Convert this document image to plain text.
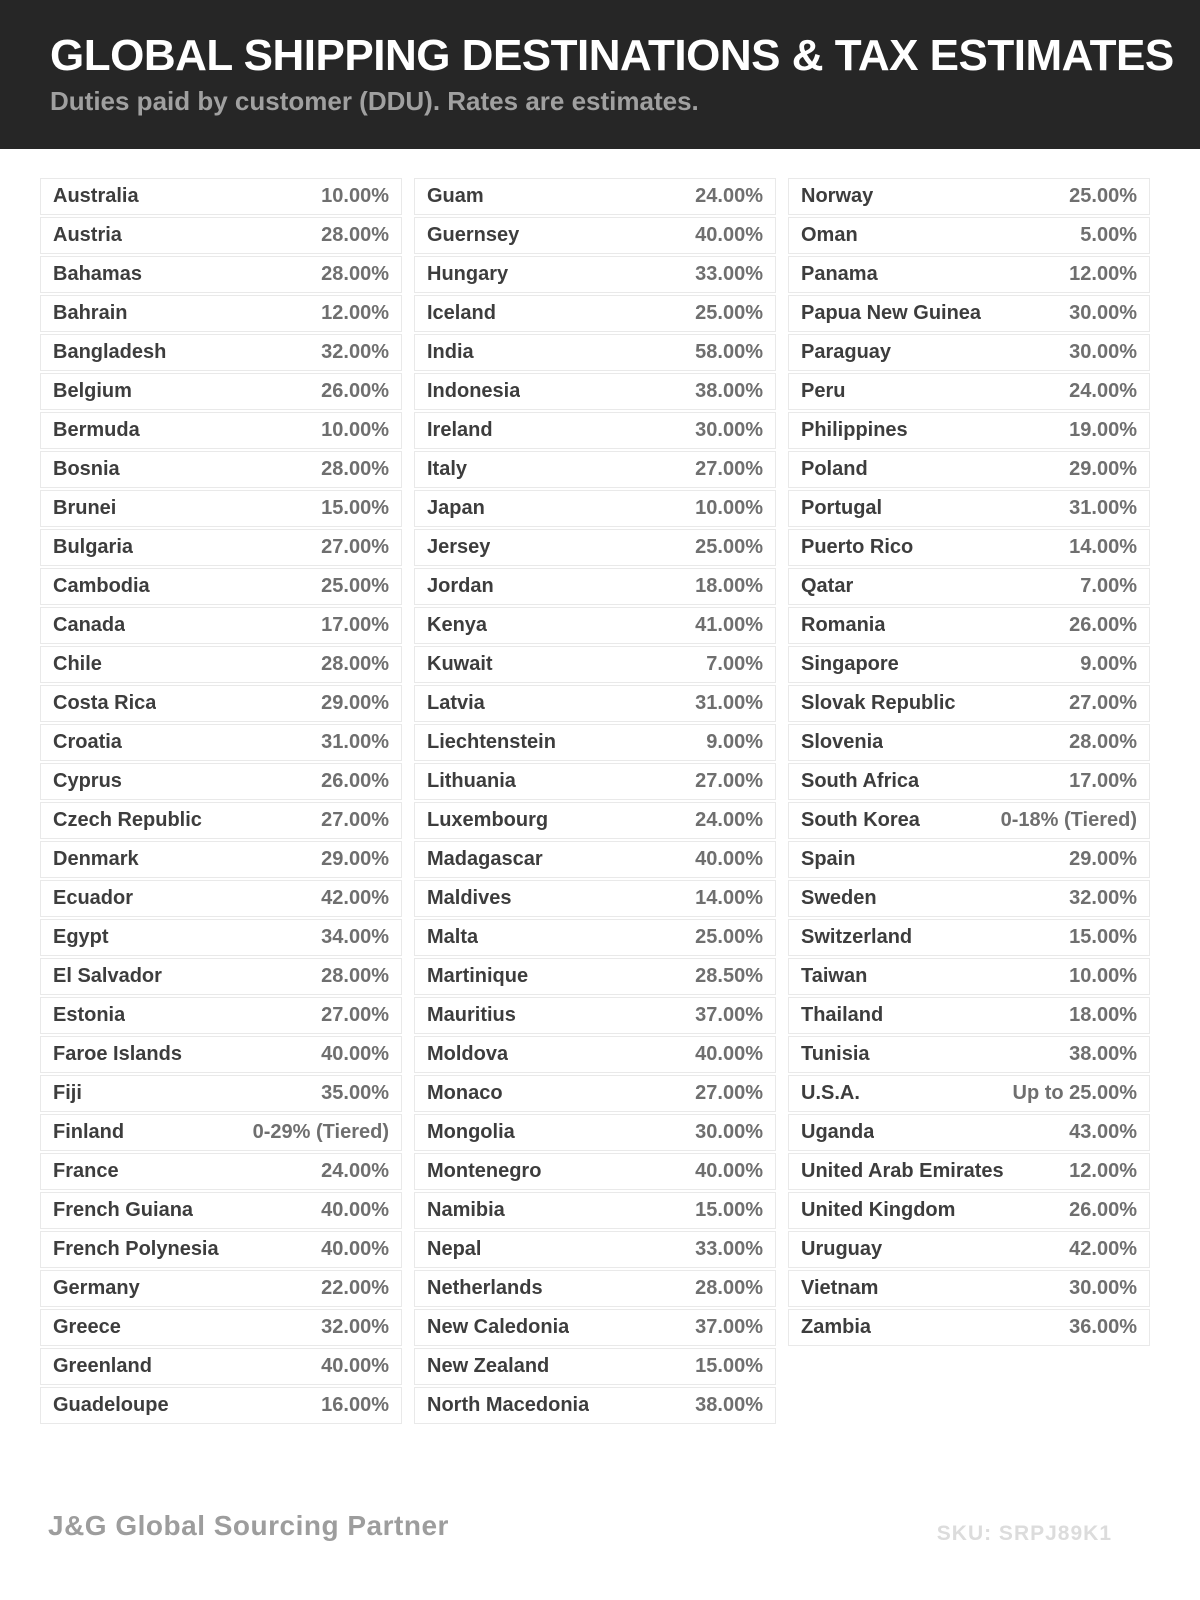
GLOBAL SHIPPING DESTINATIONS & TAX ESTIMATES

Duties paid by customer (DDU). Rates are estimates.

Australia	10.00%
Austria	28.00%
Bahamas	28.00%
Bahrain	12.00%
Bangladesh	32.00%
Belgium	26.00%
Bermuda	10.00%
Bosnia	28.00%
Brunei	15.00%
Bulgaria	27.00%
Cambodia	25.00%
Canada	17.00%
Chile	28.00%
Costa Rica	29.00%
Croatia	31.00%
Cyprus	26.00%
Czech Republic	27.00%
Denmark	29.00%
Ecuador	42.00%
Egypt	34.00%
El Salvador	28.00%
Estonia	27.00%
Faroe Islands	40.00%
Fiji	35.00%
Finland	0-29% (Tiered)
France	24.00%
French Guiana	40.00%
French Polynesia	40.00%
Germany	22.00%
Greece	32.00%
Greenland	40.00%
Guadeloupe	16.00%
Guam	24.00%
Guernsey	40.00%
Hungary	33.00%
Iceland	25.00%
India	58.00%
Indonesia	38.00%
Ireland	30.00%
Italy	27.00%
Japan	10.00%
Jersey	25.00%
Jordan	18.00%
Kenya	41.00%
Kuwait	7.00%
Latvia	31.00%
Liechtenstein	9.00%
Lithuania	27.00%
Luxembourg	24.00%
Madagascar	40.00%
Maldives	14.00%
Malta	25.00%
Martinique	28.50%
Mauritius	37.00%
Moldova	40.00%
Monaco	27.00%
Mongolia	30.00%
Montenegro	40.00%
Namibia	15.00%
Nepal	33.00%
Netherlands	28.00%
New Caledonia	37.00%
New Zealand	15.00%
North Macedonia	38.00%
Norway	25.00%
Oman	5.00%
Panama	12.00%
Papua New Guinea	30.00%
Paraguay	30.00%
Peru	24.00%
Philippines	19.00%
Poland	29.00%
Portugal	31.00%
Puerto Rico	14.00%
Qatar	7.00%
Romania	26.00%
Singapore	9.00%
Slovak Republic	27.00%
Slovenia	28.00%
South Africa	17.00%
South Korea	0-18% (Tiered)
Spain	29.00%
Sweden	32.00%
Switzerland	15.00%
Taiwan	10.00%
Thailand	18.00%
Tunisia	38.00%
U.S.A.	Up to 25.00%
Uganda	43.00%
United Arab Emirates	12.00%
United Kingdom	26.00%
Uruguay	42.00%
Vietnam	30.00%
Zambia	36.00%
J&G Global Sourcing Partner	SKU: SRPJ89K1
